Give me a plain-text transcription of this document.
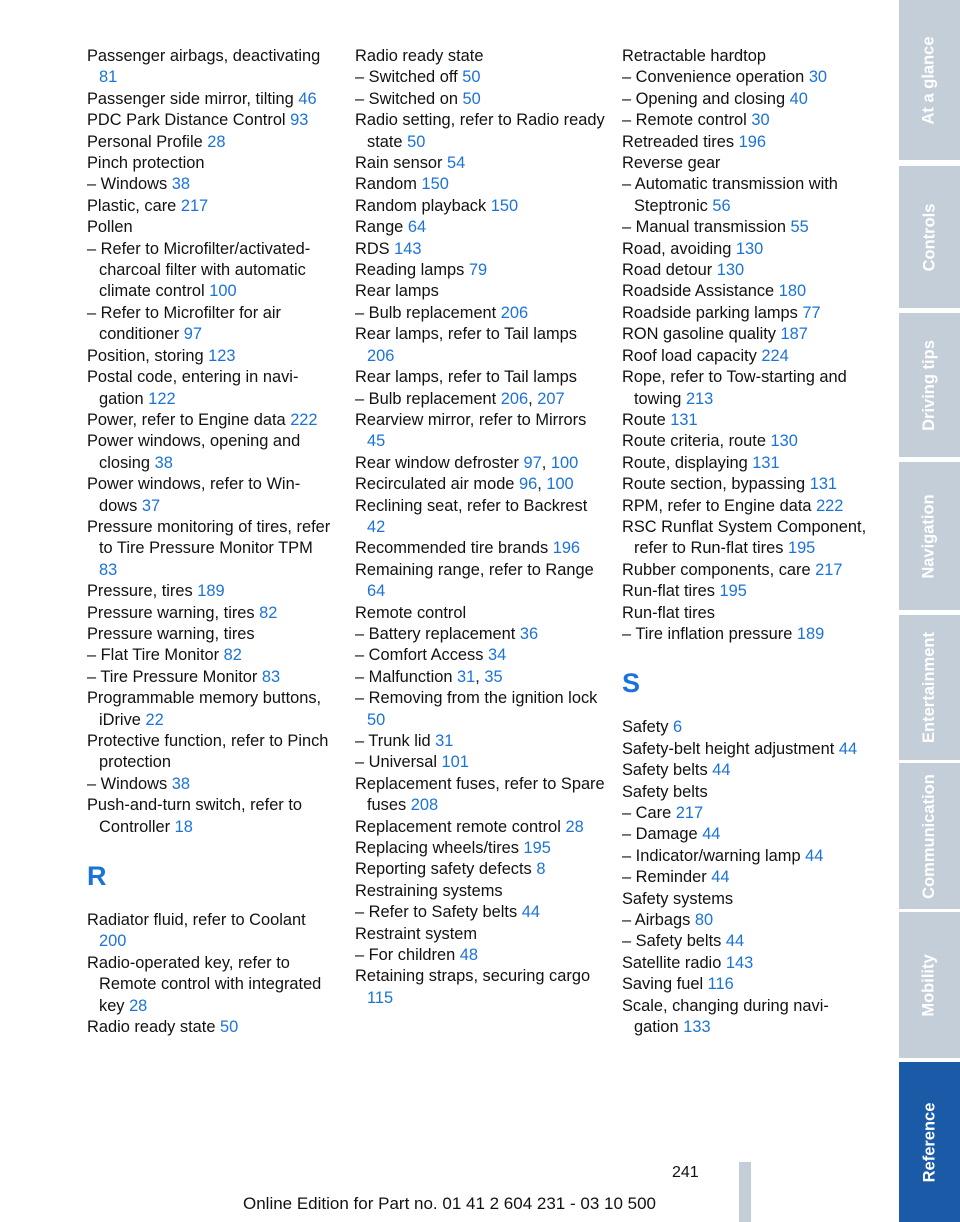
Passenger airbags, deactivating 81
Passenger side mirror, tilting 46
PDC Park Distance Control 93
Personal Profile 28
Pinch protection
– Windows 38
Plastic, care 217
Pollen
– Refer to Microfilter/activated-charcoal filter with automatic climate control 100
– Refer to Microfilter for air conditioner 97
Position, storing 123
Postal code, entering in navigation 122
Power, refer to Engine data 222
Power windows, opening and closing 38
Power windows, refer to Windows 37
Pressure monitoring of tires, refer to Tire Pressure Monitor TPM 83
Pressure, tires 189
Pressure warning, tires 82
Pressure warning, tires
– Flat Tire Monitor 82
– Tire Pressure Monitor 83
Programmable memory buttons, iDrive 22
Protective function, refer to Pinch protection
– Windows 38
Push-and-turn switch, refer to Controller 18
R
Radiator fluid, refer to Coolant 200
Radio-operated key, refer to Remote control with integrated key 28
Radio ready state 50
Radio ready state
– Switched off 50
– Switched on 50
Radio setting, refer to Radio ready state 50
Rain sensor 54
Random 150
Random playback 150
Range 64
RDS 143
Reading lamps 79
Rear lamps
– Bulb replacement 206
Rear lamps, refer to Tail lamps 206
Rear lamps, refer to Tail lamps
– Bulb replacement 206, 207
Rearview mirror, refer to Mirrors 45
Rear window defroster 97, 100
Recirculated air mode 96, 100
Reclining seat, refer to Backrest 42
Recommended tire brands 196
Remaining range, refer to Range 64
Remote control
– Battery replacement 36
– Comfort Access 34
– Malfunction 31, 35
– Removing from the ignition lock 50
– Trunk lid 31
– Universal 101
Replacement fuses, refer to Spare fuses 208
Replacement remote control 28
Replacing wheels/tires 195
Reporting safety defects 8
Restraining systems
– Refer to Safety belts 44
Restraint system
– For children 48
Retaining straps, securing cargo 115
Retractable hardtop
– Convenience operation 30
– Opening and closing 40
– Remote control 30
Retreaded tires 196
Reverse gear
– Automatic transmission with Steptronic 56
– Manual transmission 55
Road, avoiding 130
Road detour 130
Roadside Assistance 180
Roadside parking lamps 77
RON gasoline quality 187
Roof load capacity 224
Rope, refer to Tow-starting and towing 213
Route 131
Route criteria, route 130
Route, displaying 131
Route section, bypassing 131
RPM, refer to Engine data 222
RSC Runflat System Component, refer to Run-flat tires 195
Rubber components, care 217
Run-flat tires 195
Run-flat tires
– Tire inflation pressure 189
S
Safety 6
Safety-belt height adjustment 44
Safety belts 44
Safety belts
– Care 217
– Damage 44
– Indicator/warning lamp 44
– Reminder 44
Safety systems
– Airbags 80
– Safety belts 44
Satellite radio 143
Saving fuel 116
Scale, changing during navigation 133
At a glance
Controls
Driving tips
Navigation
Entertainment
Communication
Mobility
Reference
241
Online Edition for Part no. 01 41 2 604 231 - 03 10 500
